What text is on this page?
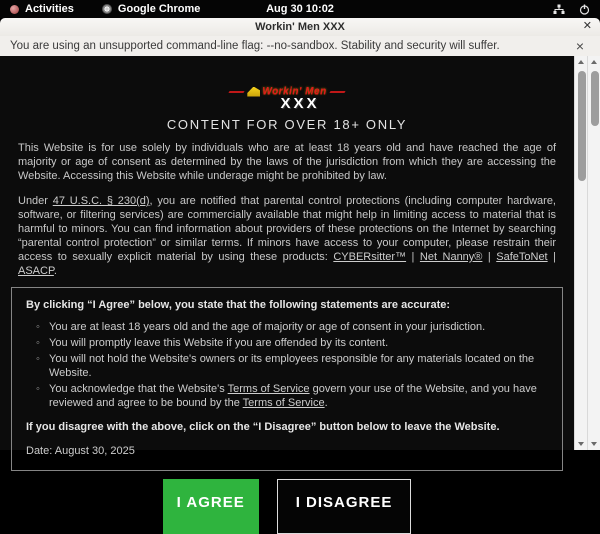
Activities	Google Chrome	Aug 30 10:02
Workin' Men XXX	✕
You are using an unsupported command-line flag: --no-sandbox. Stability and security will suffer.	×
Workin' Men
XXX
CONTENT FOR OVER 18+ ONLY

This Website is for use solely by individuals who are at least 18 years old and have reached the age of majority or age of consent as determined by the laws of the jurisdiction from which they are accessing the Website. Accessing this Website while underage might be prohibited by law.

Under 47 U.S.C. § 230(d), you are notified that parental control protections (including computer hardware, software, or filtering services) are commercially available that might help in limiting access to material that is harmful to minors. You can find information about providers of these protections on the Internet by searching “parental control protection” or similar terms. If minors have access to your computer, please restrain their access to sexually explicit material by using these products: CYBERsitter™ | Net Nanny® | SafeToNet | ASACP.

By clicking “I Agree” below, you state that the following statements are accurate:
◦ You are at least 18 years old and the age of majority or age of consent in your jurisdiction.
◦ You will promptly leave this Website if you are offended by its content.
◦ You will not hold the Website's owners or its employees responsible for any materials located on the Website.
◦ You acknowledge that the Website's Terms of Service govern your use of the Website, and you have reviewed and agree to be bound by the Terms of Service.
If you disagree with the above, click on the “I Disagree” button below to leave the Website.
Date: August 30, 2025
I AGREE	I DISAGREE
